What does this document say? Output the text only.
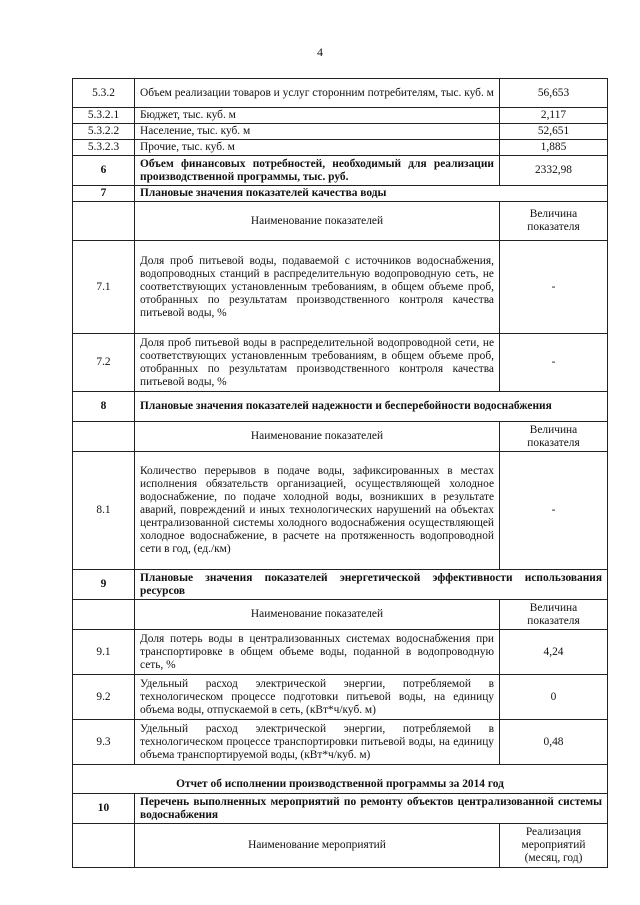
4
5.3.2	Объем реализации товаров и услуг сторонним потребителям, тыс. куб. м	56,653
5.3.2.1	Бюджет, тыс. куб. м	2,117
5.3.2.2	Население, тыс. куб. м	52,651
5.3.2.3	Прочие, тыс. куб. м	1,885
6	Объем финансовых потребностей, необходимый для реализации производственной программы, тыс. руб.	2332,98
7	Плановые значения показателей качества воды	
	Наименование показателей	Величина показателя
7.1	Доля проб питьевой воды, подаваемой с источников водоснабжения, водопроводных станций в распределительную водопроводную сеть, не соответствующих установленным требованиям, в общем объеме проб, отобранных по результатам производственного контроля качества питьевой воды, %	-
7.2	Доля проб питьевой воды в распределительной водопроводной сети, не соответствующих установленным требованиям, в общем объеме проб, отобранных по результатам производственного контроля качества питьевой воды, %	-
8	Плановые значения показателей надежности и бесперебойности водоснабжения	
	Наименование показателей	Величина показателя
8.1	Количество перерывов в подаче воды, зафиксированных в местах исполнения обязательств организацией, осуществляющей холодное водоснабжение, по подаче холодной воды, возникших в результате аварий, повреждений и иных технологических нарушений на объектах централизованной системы холодного водоснабжения осуществляющей холодное водоснабжение, в расчете на протяженность водопроводной сети в год, (ед./км)	-
9	Плановые значения показателей энергетической эффективности использования ресурсов	
	Наименование показателей	Величина показателя
9.1	Доля потерь воды в централизованных системах водоснабжения при транспортировке в общем объеме воды, поданной в водопроводную сеть, %	4,24
9.2	Удельный расход электрической энергии, потребляемой в технологическом процессе подготовки питьевой воды, на единицу объема воды, отпускаемой в сеть, (кВт*ч/куб. м)	0
9.3	Удельный расход электрической энергии, потребляемой в технологическом процессе транспортировки питьевой воды, на единицу объема транспортируемой воды, (кВт*ч/куб. м)	0,48
Отчет об исполнении производственной программы за 2014 год		
10	Перечень выполненных мероприятий по ремонту объектов централизованной системы водоснабжения	
	Наименование мероприятий	Реализация мероприятий (месяц, год)
